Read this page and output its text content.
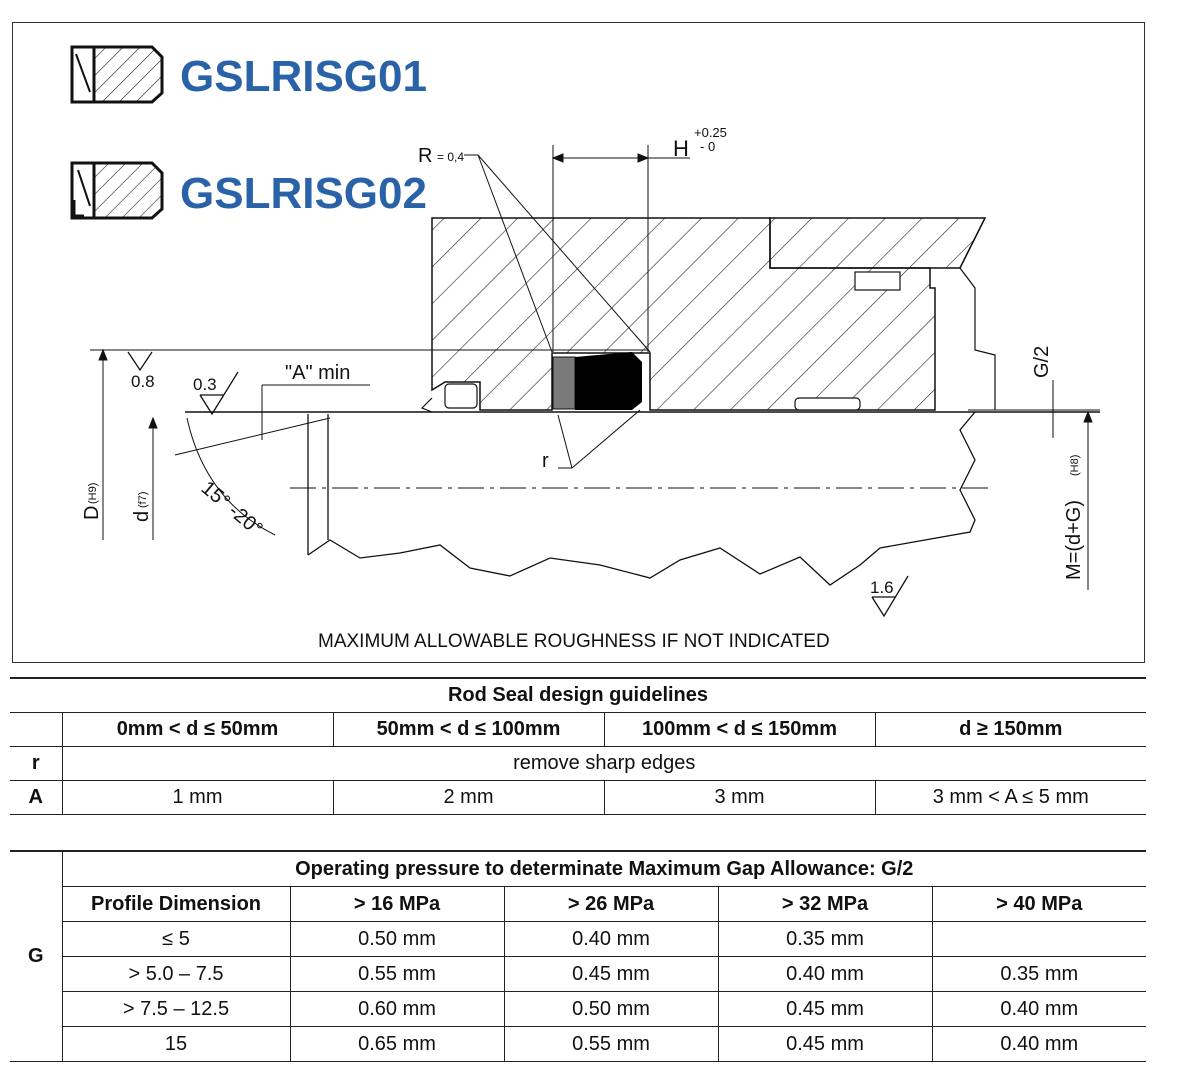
GSLRISG01
GSLRISG02
R = 0,4	H
+0.25
- 0
0.8 0.3
1.6
"A" min
15° -20°
r
D
(H9)
d
(f7)
G/2
M=(d+G)
(H8)
MAXIMUM ALLOWABLE ROUGHNESS IF NOT INDICATED
Rod Seal design guidelines				
	0mm < d ≤ 50mm	50mm < d ≤ 100mm	100mm < d ≤ 150mm	d ≥ 150mm
r	remove sharp edges			
A	1 mm	2 mm	3 mm	3 mm < A ≤ 5 mm
G	Operating pressure to determinate Maximum Gap Allowance: G/2				
	Profile Dimension	> 16 MPa	> 26 MPa	> 32 MPa	> 40 MPa
	≤ 5	0.50 mm	0.40 mm	0.35 mm	
	> 5.0 – 7.5	0.55 mm	0.45 mm	0.40 mm	0.35 mm
	> 7.5 – 12.5	0.60 mm	0.50 mm	0.45 mm	0.40 mm
	15	0.65 mm	0.55 mm	0.45 mm	0.40 mm
